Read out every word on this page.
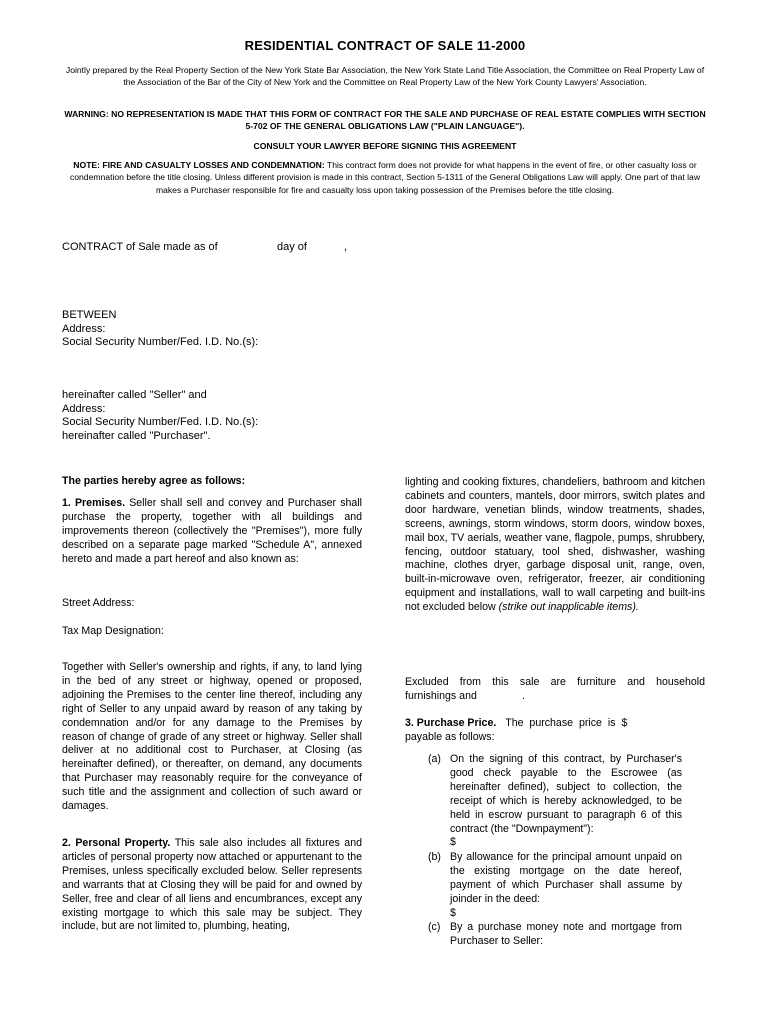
RESIDENTIAL CONTRACT OF SALE 11-2000
Jointly prepared by the Real Property Section of the New York State Bar Association, the New York State Land Title Association, the Committee on Real Property Law of the Association of the Bar of the City of New York and the Committee on Real Property Law of the New York County Lawyers' Association.
WARNING: NO REPRESENTATION IS MADE THAT THIS FORM OF CONTRACT FOR THE SALE AND PURCHASE OF REAL ESTATE COMPLIES WITH SECTION 5-702 OF THE GENERAL OBLIGATIONS LAW ("PLAIN LANGUAGE").
CONSULT YOUR LAWYER BEFORE SIGNING THIS AGREEMENT
NOTE: FIRE AND CASUALTY LOSSES AND CONDEMNATION: This contract form does not provide for what happens in the event of fire, or other casualty loss or condemnation before the title closing. Unless different provision is made in this contract, Section 5-1311 of the General Obligations Law will apply. One part of that law makes a Purchaser responsible for fire and casualty loss upon taking possession of the Premises before the title closing.
CONTRACT of Sale made as of	day of	,
BETWEEN
Address:
Social Security Number/Fed. I.D. No.(s):
hereinafter called "Seller" and
Address:
Social Security Number/Fed. I.D. No.(s):
hereinafter called "Purchaser".
The parties hereby agree as follows:

1. Premises. Seller shall sell and convey and Purchaser shall purchase the property, together with all buildings and improvements thereon (collectively the "Premises"), more fully described on a separate page marked "Schedule A", annexed hereto and made a part hereof and also known as:

Street Address:
Tax Map Designation:
Together with Seller's ownership and rights, if any, to land lying in the bed of any street or highway, opened or proposed, adjoining the Premises to the center line thereof, including any right of Seller to any unpaid award by reason of any taking by condemnation and/or for any damage to the Premises by reason of change of grade of any street or highway. Seller shall deliver at no additional cost to Purchaser, at Closing (as hereinafter defined), or thereafter, on demand, any documents that Purchaser may reasonably require for the conveyance of such title and the assignment and collection of such award or damages.

2. Personal Property. This sale also includes all fixtures and articles of personal property now attached or appurtenant to the Premises, unless specifically excluded below. Seller represents and warrants that at Closing they will be paid for and owned by Seller, free and clear of all liens and encumbrances, except any existing mortgage to which this sale may be subject. They include, but are not limited to, plumbing, heating,

lighting and cooking fixtures, chandeliers, bathroom and kitchen cabinets and counters, mantels, door mirrors, switch plates and door hardware, venetian blinds, window treatments, shades, screens, awnings, storm windows, storm doors, window boxes, mail box, TV aerials, weather vane, flagpole, pumps, shrubbery, fencing, outdoor statuary, tool shed, dishwasher, washing machine, clothes dryer, garbage disposal unit, range, oven, built-in-microwave oven, refrigerator, freezer, air conditioning equipment and installations, wall to wall carpeting and built-ins not excluded below (strike out inapplicable items).
Excluded from this sale are furniture and household
furnishings and	.
3. Purchase Price. The purchase price is $
payable as follows:
(a) On the signing of this contract, by Purchaser's good check payable to the Escrowee (as hereinafter defined), subject to collection, the receipt of which is hereby acknowledged, to be held in escrow pursuant to paragraph 6 of this contract (the "Downpayment"):
$
(b) By allowance for the principal amount unpaid on the existing mortgage on the date hereof, payment of which Purchaser shall assume by joinder in the deed:
$
(c) By a purchase money note and mortgage from Purchaser to Seller:
